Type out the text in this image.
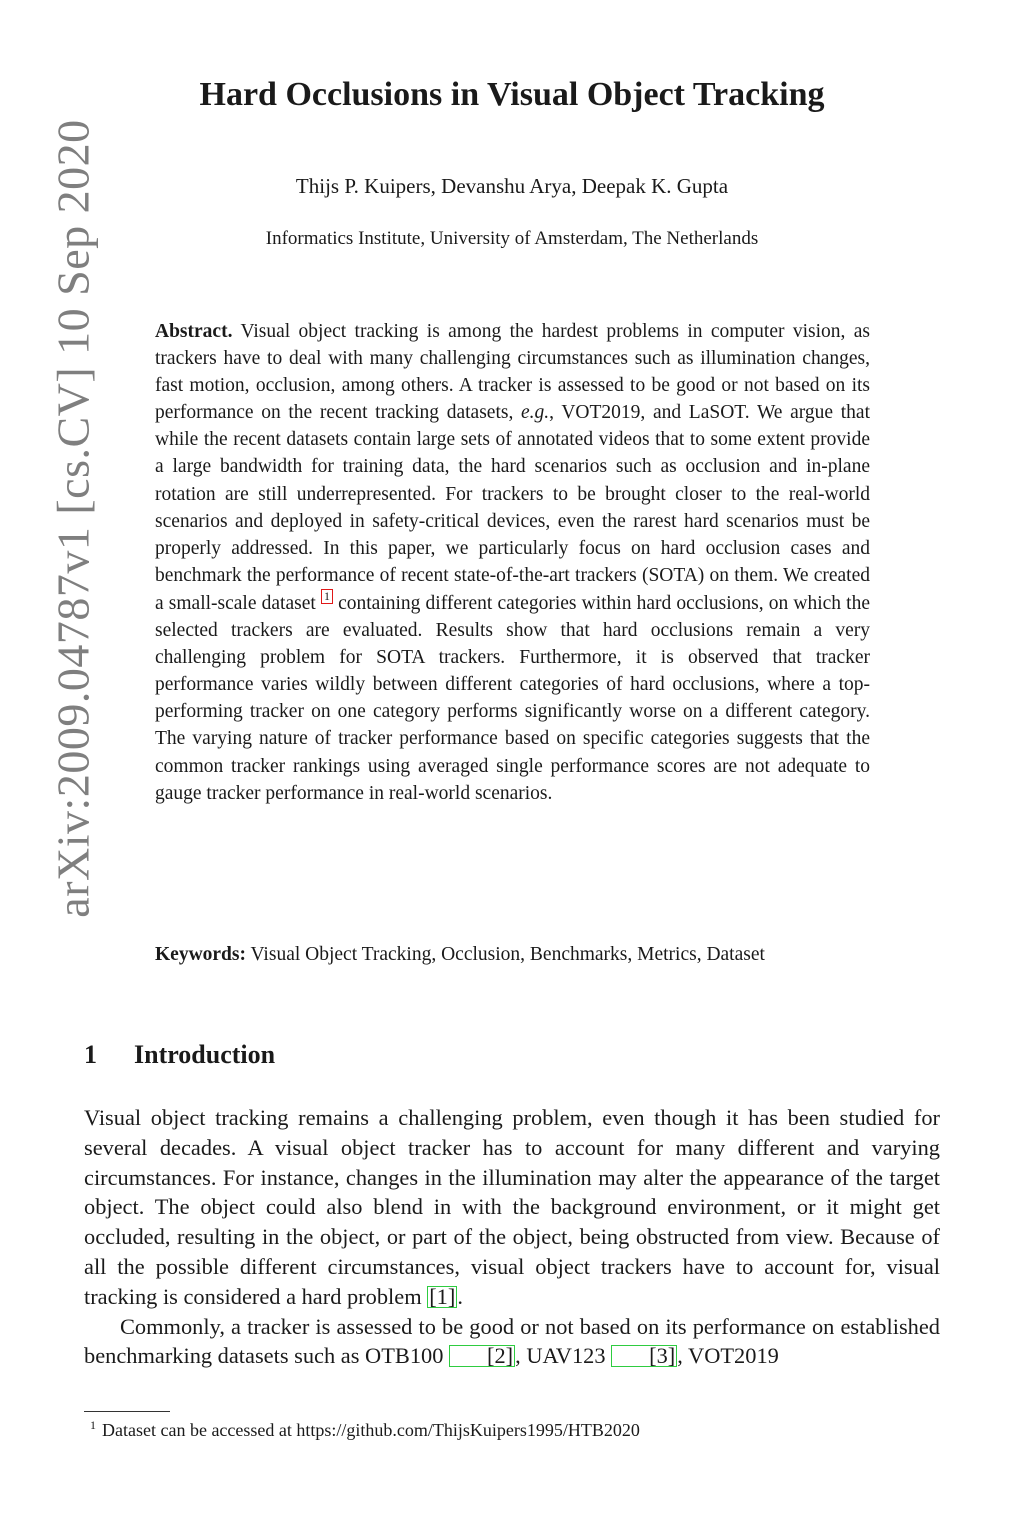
arXiv:2009.04787v1 [cs.CV] 10 Sep 2020
Hard Occlusions in Visual Object Tracking
Thijs P. Kuipers, Devanshu Arya, Deepak K. Gupta
Informatics Institute, University of Amsterdam, The Netherlands
Abstract. Visual object tracking is among the hardest problems in computer vision, as trackers have to deal with many challenging circumstances such as illumination changes, fast motion, occlusion, among others. A tracker is assessed to be good or not based on its performance on the recent tracking datasets, e.g., VOT2019, and LaSOT. We argue that while the recent datasets contain large sets of annotated videos that to some extent provide a large bandwidth for training data, the hard scenarios such as occlusion and in-plane rotation are still underrepresented. For trackers to be brought closer to the real-world scenarios and deployed in safety-critical devices, even the rarest hard scenarios must be properly addressed. In this paper, we particularly focus on hard occlusion cases and benchmark the performance of recent state-of-the-art trackers (SOTA) on them. We created a small-scale dataset 1 containing different categories within hard occlusions, on which the selected trackers are evaluated. Results show that hard occlusions remain a very challenging problem for SOTA trackers. Furthermore, it is observed that tracker performance varies wildly between different categories of hard occlusions, where a top-performing tracker on one category performs significantly worse on a different category. The varying nature of tracker performance based on specific categories suggests that the common tracker rankings using averaged single performance scores are not adequate to gauge tracker performance in real-world scenarios.
Keywords: Visual Object Tracking, Occlusion, Benchmarks, Metrics, Dataset
1 Introduction

Visual object tracking remains a challenging problem, even though it has been studied for several decades. A visual object tracker has to account for many different and varying circumstances. For instance, changes in the illumination may alter the appearance of the target object. The object could also blend in with the background environment, or it might get occluded, resulting in the object, or part of the object, being obstructed from view. Because of all the possible different circumstances, visual object trackers have to account for, visual tracking is considered a hard problem [1].

Commonly, a tracker is assessed to be good or not based on its performance on established benchmarking datasets such as OTB100 [2], UAV123 [3], VOT2019

$^1$ Dataset can be accessed at https://github.com/ThijsKuipers1995/HTB2020
